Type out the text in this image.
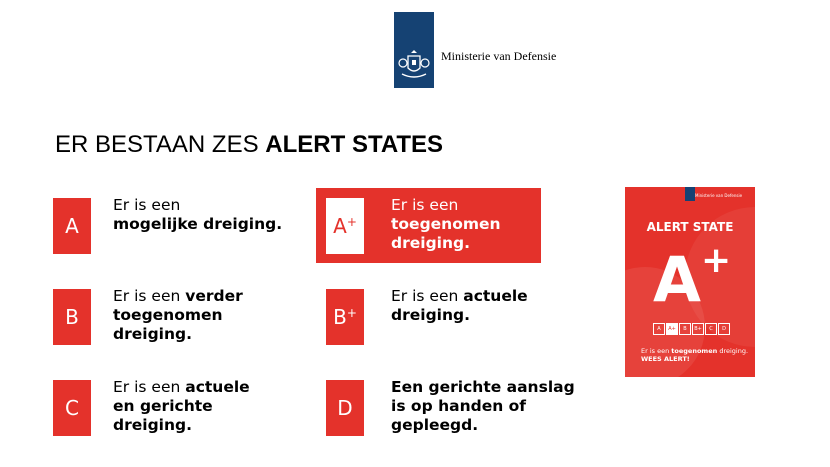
Ministerie van Defensie
ER BESTAAN ZES ALERT STATES
A
Er is een
mogelijke dreiging.	A+
Er is een
toegenomen dreiging.
B
Er is een verder toegenomen dreiging.
B+
Er is een actuele dreiging.
C
Er is een actuele en gerichte dreiging.
D
Een gerichte aanslag is op handen of gepleegd.
Ministerie van Defensie
ALERT STATE
A+
A	A+	B	B+	C	D
Er is een toegenomen dreiging. WEES ALERT!
